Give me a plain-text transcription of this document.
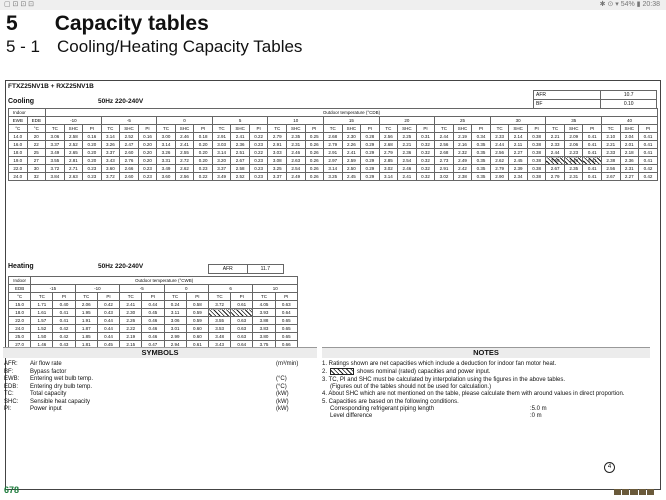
▢ ⊡ ⊡ ⊡	✱ ⊙ ▾ 54% ▮ 20:38
5 Capacity tables
5 - 1 Cooling/Heating Capacity Tables
FTXZ25NV1B + RXZ25NV1B
Cooling	50Hz 220-240V
AFR	10.7
BF	0.10
Indoor		Outdoor temperature (°CDB)																																
EWB	EDB	-10			-5			0			5			10			15			20			25			30			35			40		
°C	°C	TC	SHC	PI	TC	SHC	PI	TC	SHC	PI	TC	SHC	PI	TC	SHC	PI	TC	SHC	PI	TC	SHC	PI	TC	SHC	PI	TC	SHC	PI	TC	SHC	PI	TC	SHC	PI
14.0	20	3.06	2.58	0.16	3.14	2.52	0.16	3.00	2.46	0.18	2.91	2.41	0.22	2.79	2.35	0.25	2.68	2.30	0.28	2.56	2.25	0.31	2.44	2.19	0.34	2.33	2.14	0.38	2.21	2.09	0.41	2.10	2.04	0.41
16.0	22	3.37	2.52	0.20	3.26	2.47	0.20	3.14	2.41	0.20	3.03	2.36	0.23	2.91	2.31	0.26	2.79	2.26	0.29	2.68	2.21	0.32	2.56	2.16	0.35	2.44	2.11	0.38	2.33	2.06	0.41	2.21	2.01	0.41
18.0	25	3.49	2.65	0.20	3.37	2.60	0.20	3.26	2.55	0.20	3.14	2.51	0.22	3.03	2.46	0.26	2.91	2.41	0.29	2.79	2.36	0.32	2.68	2.32	0.35	2.56	2.27	0.38	2.44	2.23	0.41	2.33	2.18	0.41
19.0	27	3.55	2.81	0.20	3.43	2.76	0.20	3.31	2.72	0.20	3.20	2.67	0.23	3.08	2.63	0.26	2.97	2.59	0.29	2.85	2.54	0.32	2.73	2.49	0.35	2.62	2.45	0.38	2.50	2.40	0.41	2.38	2.36	0.41
22.0	30	3.72	2.71	0.23	3.60	2.66	0.23	3.49	2.62	0.23	3.37	2.58	0.23	3.25	2.54	0.26	3.14	2.50	0.29	3.02	2.46	0.32	2.91	2.42	0.35	2.79	2.39	0.38	2.67	2.35	0.41	2.56	2.31	0.42
24.0	32	3.84	2.63	0.23	3.72	2.60	0.23	3.60	2.56	0.22	3.49	2.52	0.23	3.37	2.49	0.26	3.25	2.45	0.29	3.14	2.41	0.32	3.02	2.38	0.35	2.90	2.34	0.38	2.79	2.31	0.41	2.67	2.27	0.42
Heating	50Hz 220-240V	AFR	11.7
Indoor	Outdoor temperature (°CWB)											
EDB	-15		-10		-5		0		6		10	
°C	TC	PI	TC	PI	TC	PI	TC	PI	TC	PI	TC	PI
15.0	1.71	0.40	2.06	0.42	2.41	0.44	0.24	0.58	3.72	0.61	4.05	0.63
18.0	1.61	0.41	1.95	0.43	2.30	0.45	3.11	0.59			3.93	0.64
22.0	1.57	0.41	1.91	0.44	2.26	0.46	3.06	0.59	3.55	0.63	3.88	0.65
24.0	1.52	0.42	1.87	0.44	2.22	0.46	3.01	0.60	3.53	0.63	3.83	0.65
25.0	1.50	0.42	1.85	0.44	2.19	0.46	2.99	0.60	3.48	0.63	3.80	0.65
27.0	1.46	0.43	1.81	0.45	2.15	0.47	2.94	0.61	3.43	0.64	3.75	0.66
SYMBOLS	NOTES
AFR:	Air flow rate	(m³/min)
BF:	Bypass factor
EWB:	Entering wet bulb temp.	(°C)
EDB:	Entering dry bulb temp.	(°C)
TC:	Total capacity	(kW)
SHC:	Sensible heat capacity	(kW)
PI:	Power input	(kW)
1. Ratings shown are net capacities which include a deduction for indoor fan motor heat.
2.	shows nominal (rated) capacities and power input.
3. TC, PI and SHC must be calculated by interpolation using the figures in the above tables.
(Figures out of the tables should not be used for calculation.)
4. About SHC which are not mentioned on the table, please calculate them with around values in direct proportion.
5. Capacities are based on the following conditions.
Corresponding refrigerant piping length	:5.0 m
Level difference	:0 m
4
678
